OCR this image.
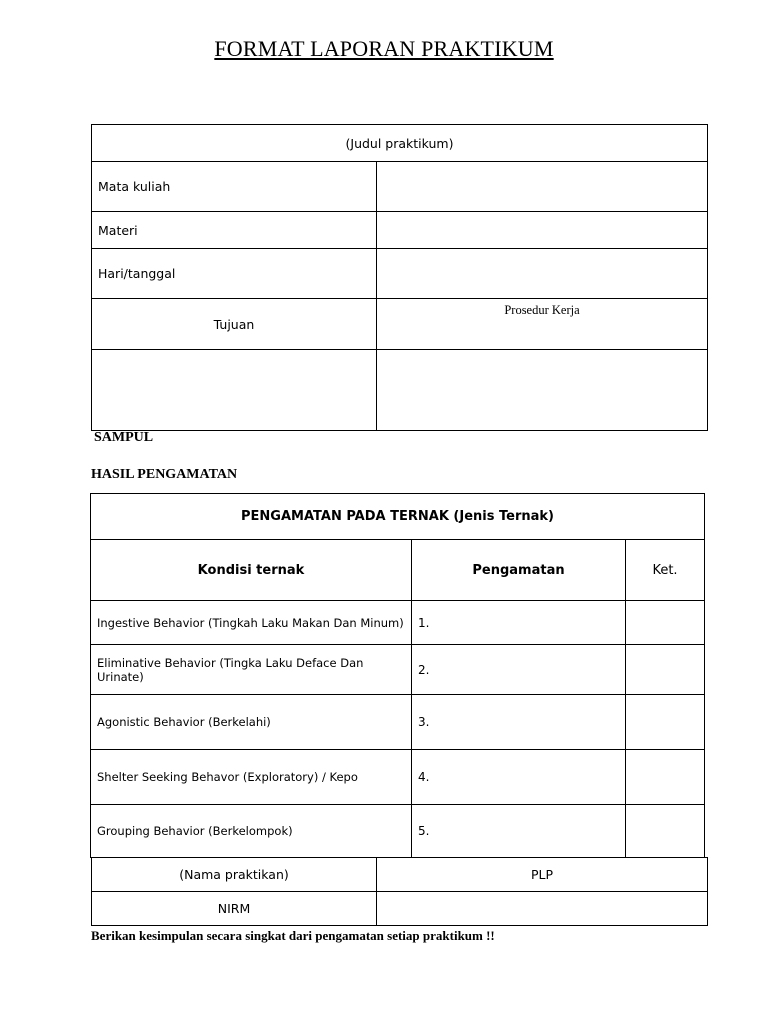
FORMAT LAPORAN PRAKTIKUM
(Judul praktikum)	
Mata kuliah	
Materi	
Hari/tanggal	
Tujuan	Prosedur Kerja

SAMPUL
HASIL PENGAMATAN
PENGAMATAN PADA TERNAK (Jenis Ternak)		
Kondisi ternak	Pengamatan	Ket.
Ingestive Behavior (Tingkah Laku Makan Dan Minum)	1.	
Eliminative Behavior (Tingka Laku Deface Dan Urinate)	2.	
Agonistic Behavior (Berkelahi)	3.	
Shelter Seeking Behavor (Exploratory) / Kepo	4.	
Grouping Behavior (Berkelompok)	5.	
(Nama praktikan)	PLP
NIRM	
Berikan kesimpulan secara singkat dari pengamatan setiap praktikum !!
